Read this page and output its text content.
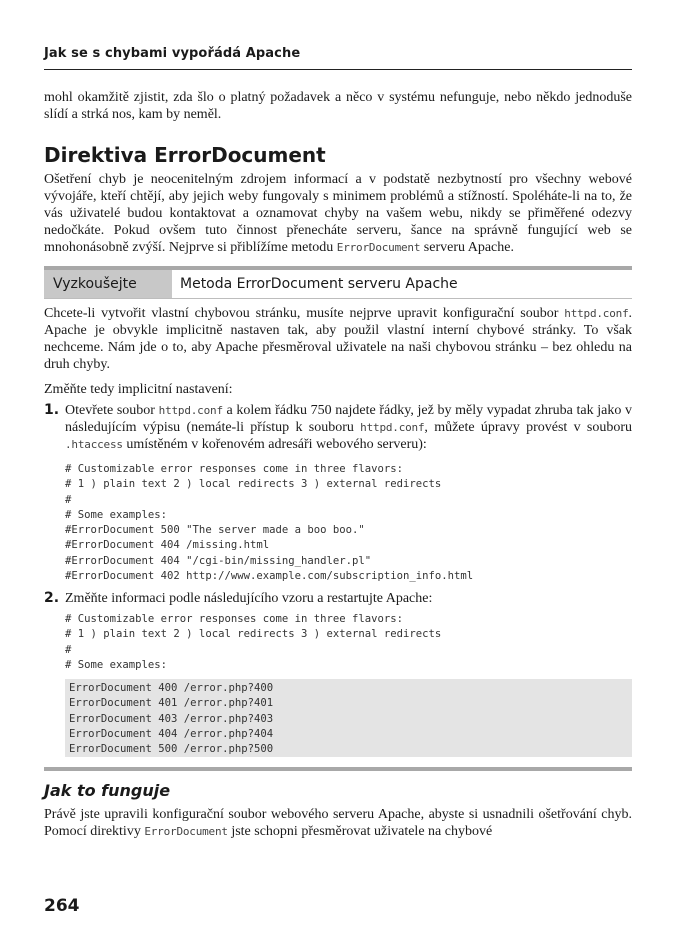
Jak se s chybami vypořádá Apache

mohl okamžitě zjistit, zda šlo o platný požadavek a něco v systému nefunguje, nebo někdo jednoduše slídí a strká nos, kam by neměl.

Direktiva ErrorDocument

Ošetření chyb je neocenitelným zdrojem informací a v podstatě nezbytností pro všechny webové vývojáře, kteří chtějí, aby jejich weby fungovaly s minimem problémů a stížností. Spoléháte-li na to, že vás uživatelé budou kontaktovat a oznamovat chyby na vašem webu, nikdy se přiměřené odezvy nedočkáte. Pokud ovšem tuto činnost přenecháte serveru, šance na správně fungující web se mnohonásobně zvýší. Nejprve si přiblížíme metodu ErrorDocument serveru Apache.

Vyzkoušejte	Metoda ErrorDocument serveru Apache

Chcete-li vytvořit vlastní chybovou stránku, musíte nejprve upravit konfigurační soubor httpd.conf. Apache je obvykle implicitně nastaven tak, aby použil vlastní interní chybové stránky. To však nechceme. Nám jde o to, aby Apache přesměroval uživatele na naši chybovou stránku – bez ohledu na druh chyby.

Změňte tedy implicitní nastavení:

1. Otevřete soubor httpd.conf a kolem řádku 750 najdete řádky, jež by měly vypadat zhruba tak jako v následujícím výpisu (nemáte-li přístup k souboru httpd.conf, můžete úpravy provést v souboru .htaccess umístěném v kořenovém adresáři webového serveru):

# Customizable error responses come in three flavors:
# 1 ) plain text 2 ) local redirects 3 ) external redirects
#
# Some examples:
#ErrorDocument 500 "The server made a boo boo."
#ErrorDocument 404 /missing.html
#ErrorDocument 404 "/cgi-bin/missing_handler.pl"
#ErrorDocument 402 http://www.example.com/subscription_info.html
2. Změňte informaci podle následujícího vzoru a restartujte Apache:

# Customizable error responses come in three flavors:
# 1 ) plain text 2 ) local redirects 3 ) external redirects
#
# Some examples:
ErrorDocument 400 /error.php?400
ErrorDocument 401 /error.php?401
ErrorDocument 403 /error.php?403
ErrorDocument 404 /error.php?404
ErrorDocument 500 /error.php?500
Jak to funguje

Právě jste upravili konfigurační soubor webového serveru Apache, abyste si usnadnili ošetřování chyb. Pomocí direktivy ErrorDocument jste schopni přesměrovat uživatele na chybové

264
